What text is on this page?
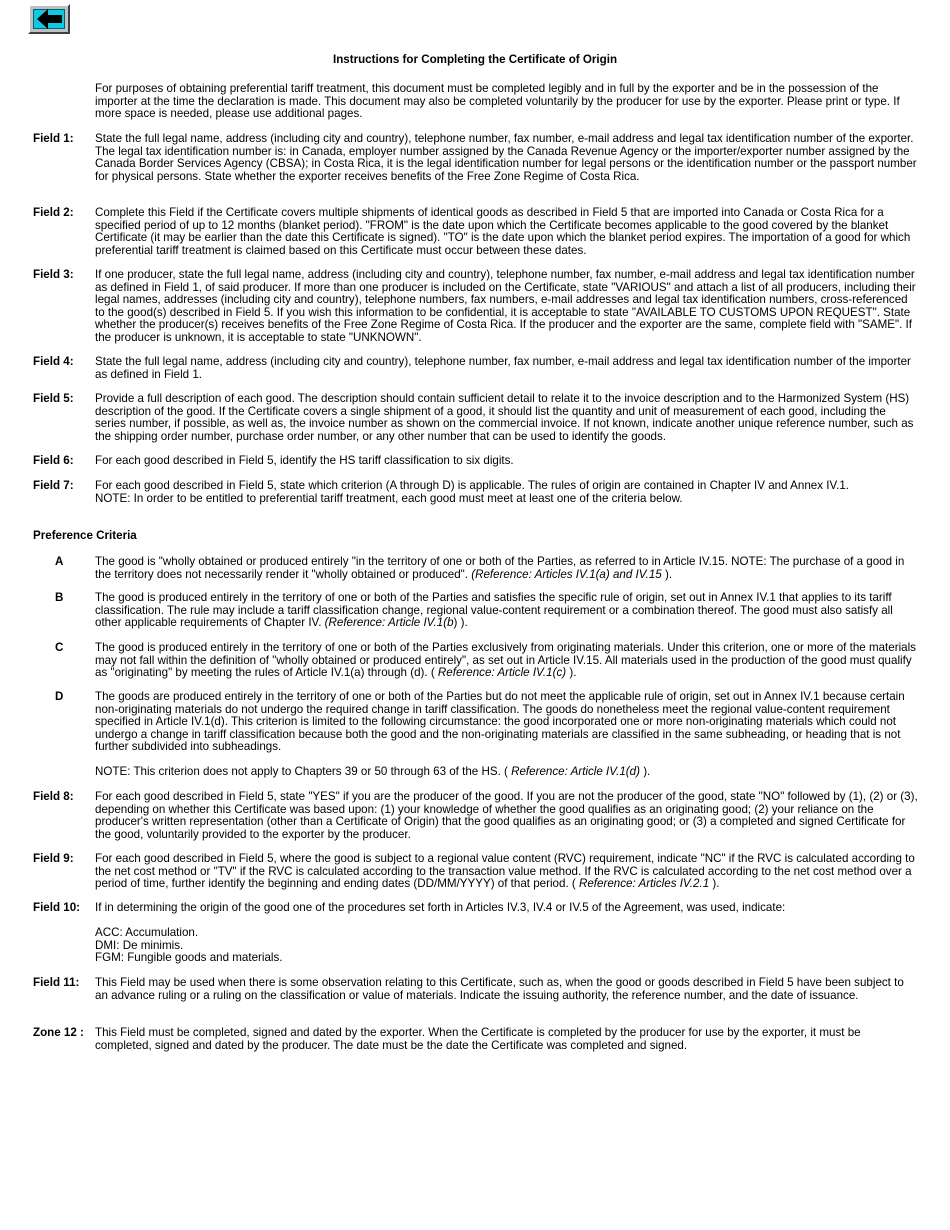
Instructions for Completing the Certificate of Origin
For purposes of obtaining preferential tariff treatment, this document must be completed legibly and in full by the exporter and be in the possession of the importer at the time the declaration is made. This document may also be completed voluntarily by the producer for use by the exporter. Please print or type. If more space is needed, please use additional pages.
Field 1: State the full legal name, address (including city and country), telephone number, fax number, e-mail address and legal tax identification number of the exporter. The legal tax identification number is: in Canada, employer number assigned by the Canada Revenue Agency or the importer/exporter number assigned by the Canada Border Services Agency (CBSA); in Costa Rica, it is the legal identification number for legal persons or the identification number or the passport number for physical persons. State whether the exporter receives benefits of the Free Zone Regime of Costa Rica.
Field 2: Complete this Field if the Certificate covers multiple shipments of identical goods as described in Field 5 that are imported into Canada or Costa Rica for a specified period of up to 12 months (blanket period). "FROM" is the date upon which the Certificate becomes applicable to the good covered by the blanket Certificate (it may be earlier than the date this Certificate is signed). "TO" is the date upon which the blanket period expires. The importation of a good for which preferential tariff treatment is claimed based on this Certificate must occur between these dates.
Field 3: If one producer, state the full legal name, address (including city and country), telephone number, fax number, e-mail address and legal tax identification number as defined in Field 1, of said producer. If more than one producer is included on the Certificate, state "VARIOUS" and attach a list of all producers, including their legal names, addresses (including city and country), telephone numbers, fax numbers, e-mail addresses and legal tax identification numbers, cross-referenced to the good(s) described in Field 5. If you wish this information to be confidential, it is acceptable to state "AVAILABLE TO CUSTOMS UPON REQUEST". State whether the producer(s) receives benefits of the Free Zone Regime of Costa Rica. If the producer and the exporter are the same, complete field with "SAME". If the producer is unknown, it is acceptable to state "UNKNOWN".
Field 4: State the full legal name, address (including city and country), telephone number, fax number, e-mail address and legal tax identification number of the importer as defined in Field 1.
Field 5: Provide a full description of each good. The description should contain sufficient detail to relate it to the invoice description and to the Harmonized System (HS) description of the good. If the Certificate covers a single shipment of a good, it should list the quantity and unit of measurement of each good, including the series number, if possible, as well as, the invoice number as shown on the commercial invoice. If not known, indicate another unique reference number, such as the shipping order number, purchase order number, or any other number that can be used to identify the goods.
Field 6: For each good described in Field 5, identify the HS tariff classification to six digits.
Field 7: For each good described in Field 5, state which criterion (A through D) is applicable. The rules of origin are contained in Chapter IV and Annex IV.1.

NOTE: In order to be entitled to preferential tariff treatment, each good must meet at least one of the criteria below.

Preference Criteria
A	The good is "wholly obtained or produced entirely "in the territory of one or both of the Parties, as referred to in Article IV.15. NOTE: The purchase of a good in the territory does not necessarily render it "wholly obtained or produced". (Reference: Articles IV.1(a) and IV.15 ).
B	The good is produced entirely in the territory of one or both of the Parties and satisfies the specific rule of origin, set out in Annex IV.1 that applies to its tariff classification. The rule may include a tariff classification change, regional value-content requirement or a combination thereof. The good must also satisfy all other applicable requirements of Chapter IV. (Reference: Article IV.1(b) ).
C	The good is produced entirely in the territory of one or both of the Parties exclusively from originating materials. Under this criterion, one or more of the materials may not fall within the definition of "wholly obtained or produced entirely", as set out in Article IV.15. All materials used in the production of the good must qualify as "originating" by meeting the rules of Article IV.1(a) through (d). ( Reference: Article IV.1(c) ).
D	The goods are produced entirely in the territory of one or both of the Parties but do not meet the applicable rule of origin, set out in Annex IV.1 because certain non-originating materials do not undergo the required change in tariff classification. The goods do nonetheless meet the regional value-content requirement specified in Article IV.1(d). This criterion is limited to the following circumstance: the good incorporated one or more non-originating materials which could not undergo a change in tariff classification because both the good and the non-originating materials are classified in the same subheading, or heading that is not further subdivided into subheadings.
NOTE: This criterion does not apply to Chapters 39 or 50 through 63 of the HS. ( Reference: Article IV.1(d) ).
Field 8: For each good described in Field 5, state "YES" if you are the producer of the good. If you are not the producer of the good, state "NO" followed by (1), (2) or (3), depending on whether this Certificate was based upon: (1) your knowledge of whether the good qualifies as an originating good; (2) your reliance on the producer's written representation (other than a Certificate of Origin) that the good qualifies as an originating good; or (3) a completed and signed Certificate for the good, voluntarily provided to the exporter by the producer.
Field 9: For each good described in Field 5, where the good is subject to a regional value content (RVC) requirement, indicate "NC" if the RVC is calculated according to the net cost method or "TV" if the RVC is calculated according to the transaction value method. If the RVC is calculated according to the net cost method over a period of time, further identify the beginning and ending dates (DD/MM/YYYY) of that period. ( Reference: Articles IV.2.1 ).
Field 10: If in determining the origin of the good one of the procedures set forth in Articles IV.3, IV.4 or IV.5 of the Agreement, was used, indicate:

ACC: Accumulation.

DMI: De minimis.

FGM: Fungible goods and materials.

Field 11: This Field may be used when there is some observation relating to this Certificate, such as, when the good or goods described in Field 5 have been subject to an advance ruling or a ruling on the classification or value of materials. Indicate the issuing authority, the reference number, and the date of issuance.
Zone 12 : This Field must be completed, signed and dated by the exporter. When the Certificate is completed by the producer for use by the exporter, it must be completed, signed and dated by the producer. The date must be the date the Certificate was completed and signed.
